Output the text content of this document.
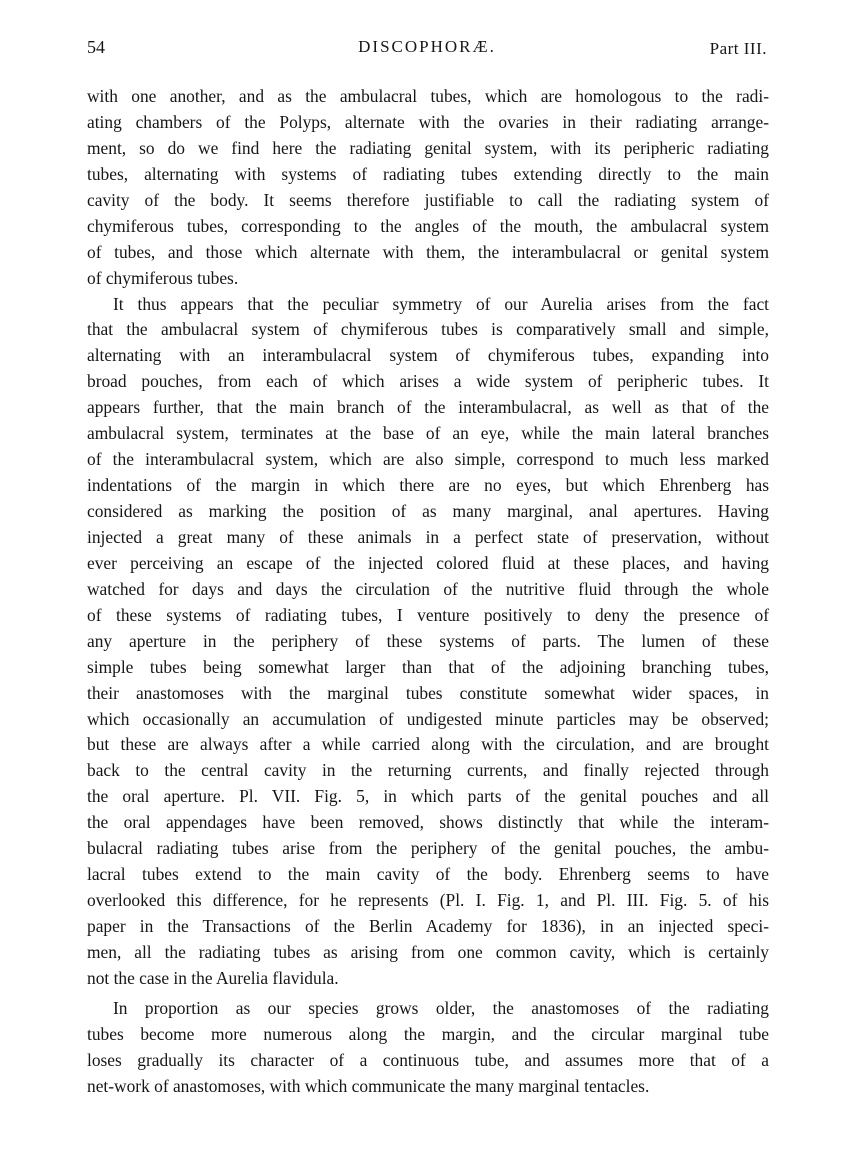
54	DISCOPHORÆ.	Part III.

with one another, and as the ambulacral tubes, which are homologous to the radi-
ating chambers of the Polyps, alternate with the ovaries in their radiating arrange-
ment, so do we find here the radiating genital system, with its peripheric radiating
tubes, alternating with systems of radiating tubes extending directly to the main
cavity of the body. It seems therefore justifiable to call the radiating system of
chymiferous tubes, corresponding to the angles of the mouth, the ambulacral system
of tubes, and those which alternate with them, the interambulacral or genital system
of chymiferous tubes.

It thus appears that the peculiar symmetry of our Aurelia arises from the fact
that the ambulacral system of chymiferous tubes is comparatively small and simple,
alternating with an interambulacral system of chymiferous tubes, expanding into
broad pouches, from each of which arises a wide system of peripheric tubes. It
appears further, that the main branch of the interambulacral, as well as that of the
ambulacral system, terminates at the base of an eye, while the main lateral branches
of the interambulacral system, which are also simple, correspond to much less marked
indentations of the margin in which there are no eyes, but which Ehrenberg has
considered as marking the position of as many marginal, anal apertures. Having
injected a great many of these animals in a perfect state of preservation, without
ever perceiving an escape of the injected colored fluid at these places, and having
watched for days and days the circulation of the nutritive fluid through the whole
of these systems of radiating tubes, I venture positively to deny the presence of
any aperture in the periphery of these systems of parts. The lumen of these
simple tubes being somewhat larger than that of the adjoining branching tubes,
their anastomoses with the marginal tubes constitute somewhat wider spaces, in
which occasionally an accumulation of undigested minute particles may be observed;
but these are always after a while carried along with the circulation, and are brought
back to the central cavity in the returning currents, and finally rejected through
the oral aperture. Pl. VII. Fig. 5, in which parts of the genital pouches and all
the oral appendages have been removed, shows distinctly that while the interam-
bulacral radiating tubes arise from the periphery of the genital pouches, the ambu-
lacral tubes extend to the main cavity of the body. Ehrenberg seems to have
overlooked this difference, for he represents (Pl. I. Fig. 1, and Pl. III. Fig. 5. of his
paper in the Transactions of the Berlin Academy for 1836), in an injected speci-
men, all the radiating tubes as arising from one common cavity, which is certainly
not the case in the Aurelia flavidula.

In proportion as our species grows older, the anastomoses of the radiating
tubes become more numerous along the margin, and the circular marginal tube
loses gradually its character of a continuous tube, and assumes more that of a
net-work of anastomoses, with which communicate the many marginal tentacles.
